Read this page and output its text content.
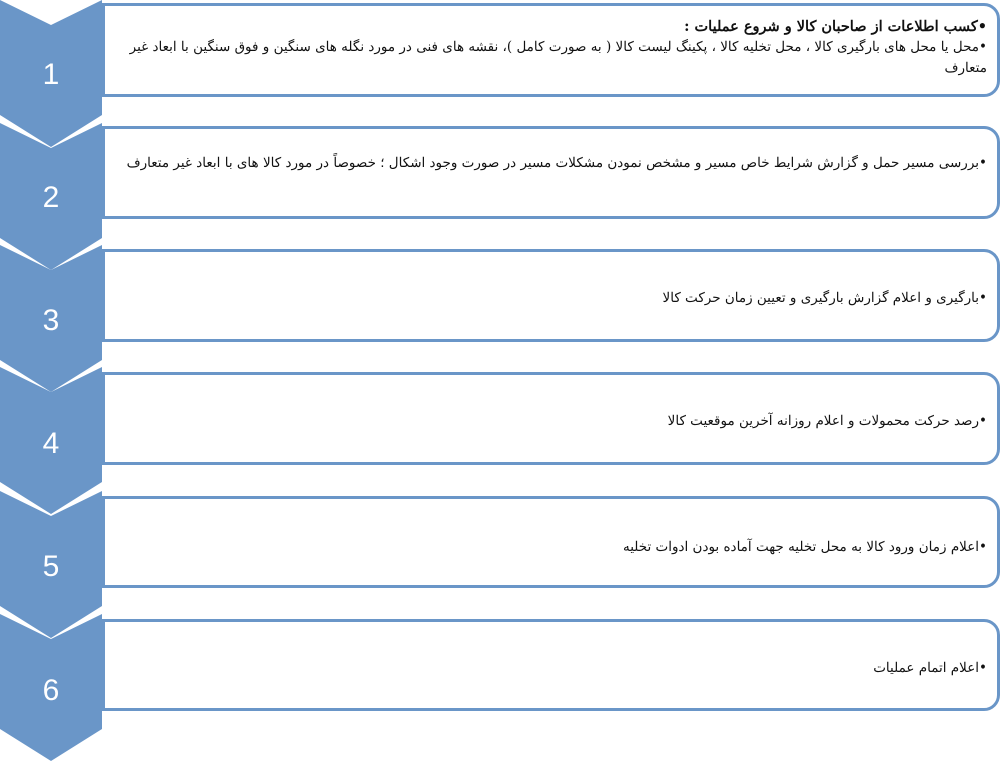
1
•کسب اطلاعات از صاحبان کالا و شروع عملیات :
•محل یا محل های بارگیری کالا ، محل تخلیه کالا ، پکینگ لیست کالا ( به صورت کامل )، نقشه های فنی در مورد نگله های سنگین و فوق سنگین با ابعاد غیر متعارف
2
•بررسی مسیر حمل و گزارش شرایط خاص مسیر و مشخص نمودن مشکلات مسیر در صورت وجود اشکال ؛ خصوصاً در مورد کالا های با ابعاد غیر متعارف
3
•بارگیری و اعلام گزارش بارگیری و تعیین زمان حرکت کالا
4
•رصد حرکت محمولات و اعلام روزانه آخرین موقعیت کالا
5
•اعلام زمان ورود کالا به محل تخلیه جهت آماده بودن ادوات تخلیه
6
•اعلام اتمام عملیات
